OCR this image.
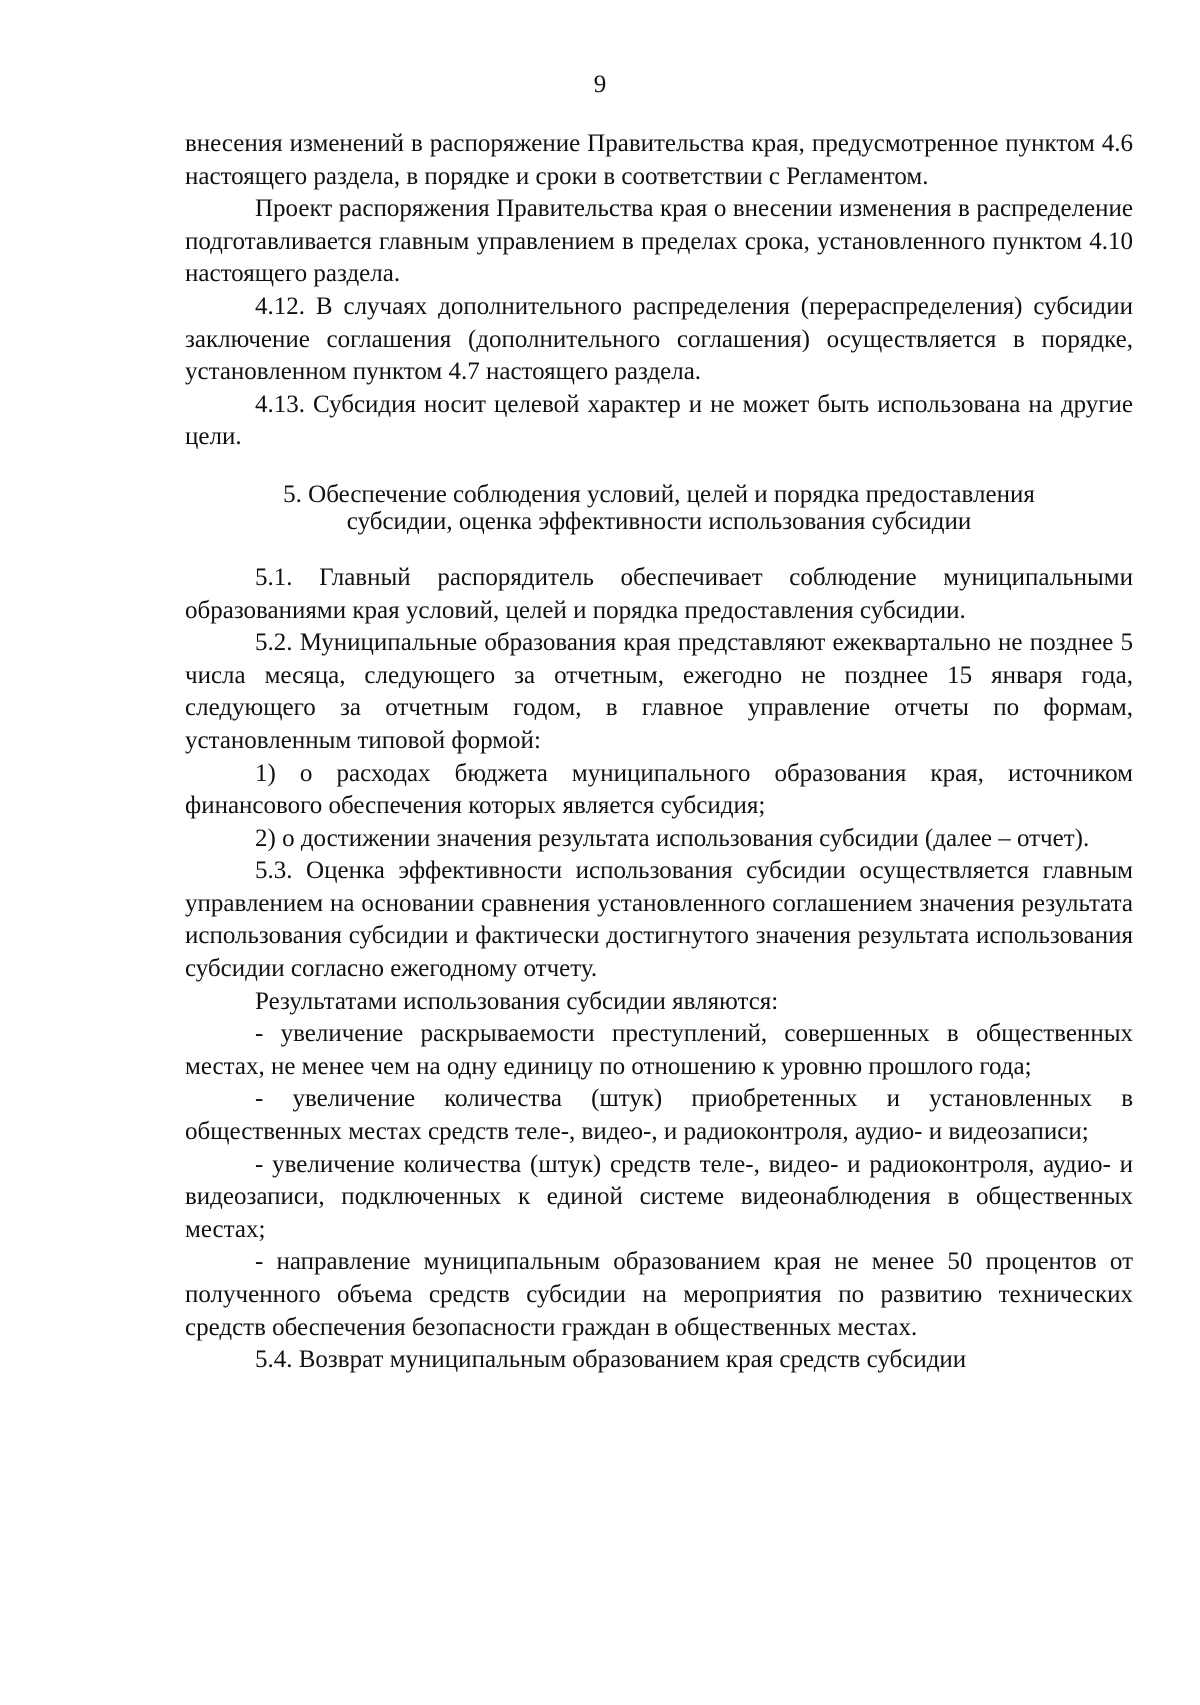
9

внесения изменений в распоряжение Правительства края, предусмотренное пунктом 4.6 настоящего раздела, в порядке и сроки в соответствии с Регламентом.

Проект распоряжения Правительства края о внесении изменения в распределение подготавливается главным управлением в пределах срока, установленного пунктом 4.10 настоящего раздела.

4.12. В случаях дополнительного распределения (перераспределения) субсидии заключение соглашения (дополнительного соглашения) осуществляется в порядке, установленном пунктом 4.7 настоящего раздела.

4.13. Субсидия носит целевой характер и не может быть использована на другие цели.

5. Обеспечение соблюдения условий, целей и порядка предоставления
субсидии, оценка эффективности использования субсидии

5.1. Главный распорядитель обеспечивает соблюдение муниципальными образованиями края условий, целей и порядка предоставления субсидии.

5.2. Муниципальные образования края представляют ежеквартально не позднее 5 числа месяца, следующего за отчетным, ежегодно не позднее 15 января года, следующего за отчетным годом, в главное управление отчеты по формам, установленным типовой формой:

1) о расходах бюджета муниципального образования края, источником финансового обеспечения которых является субсидия;

2) о достижении значения результата использования субсидии (далее – отчет).

5.3. Оценка эффективности использования субсидии осуществляется главным управлением на основании сравнения установленного соглашением значения результата использования субсидии и фактически достигнутого значения результата использования субсидии согласно ежегодному отчету.

Результатами использования субсидии являются:

- увеличение раскрываемости преступлений, совершенных в общественных местах, не менее чем на одну единицу по отношению к уровню прошлого года;

- увеличение количества (штук) приобретенных и установленных в общественных местах средств теле-, видео-, и радиоконтроля, аудио- и видеозаписи;

- увеличение количества (штук) средств теле-, видео- и радиоконтроля, аудио- и видеозаписи, подключенных к единой системе видеонаблюдения в общественных местах;

- направление муниципальным образованием края не менее 50 процентов от полученного объема средств субсидии на мероприятия по развитию технических средств обеспечения безопасности граждан в общественных местах.

5.4. Возврат муниципальным образованием края средств субсидии
